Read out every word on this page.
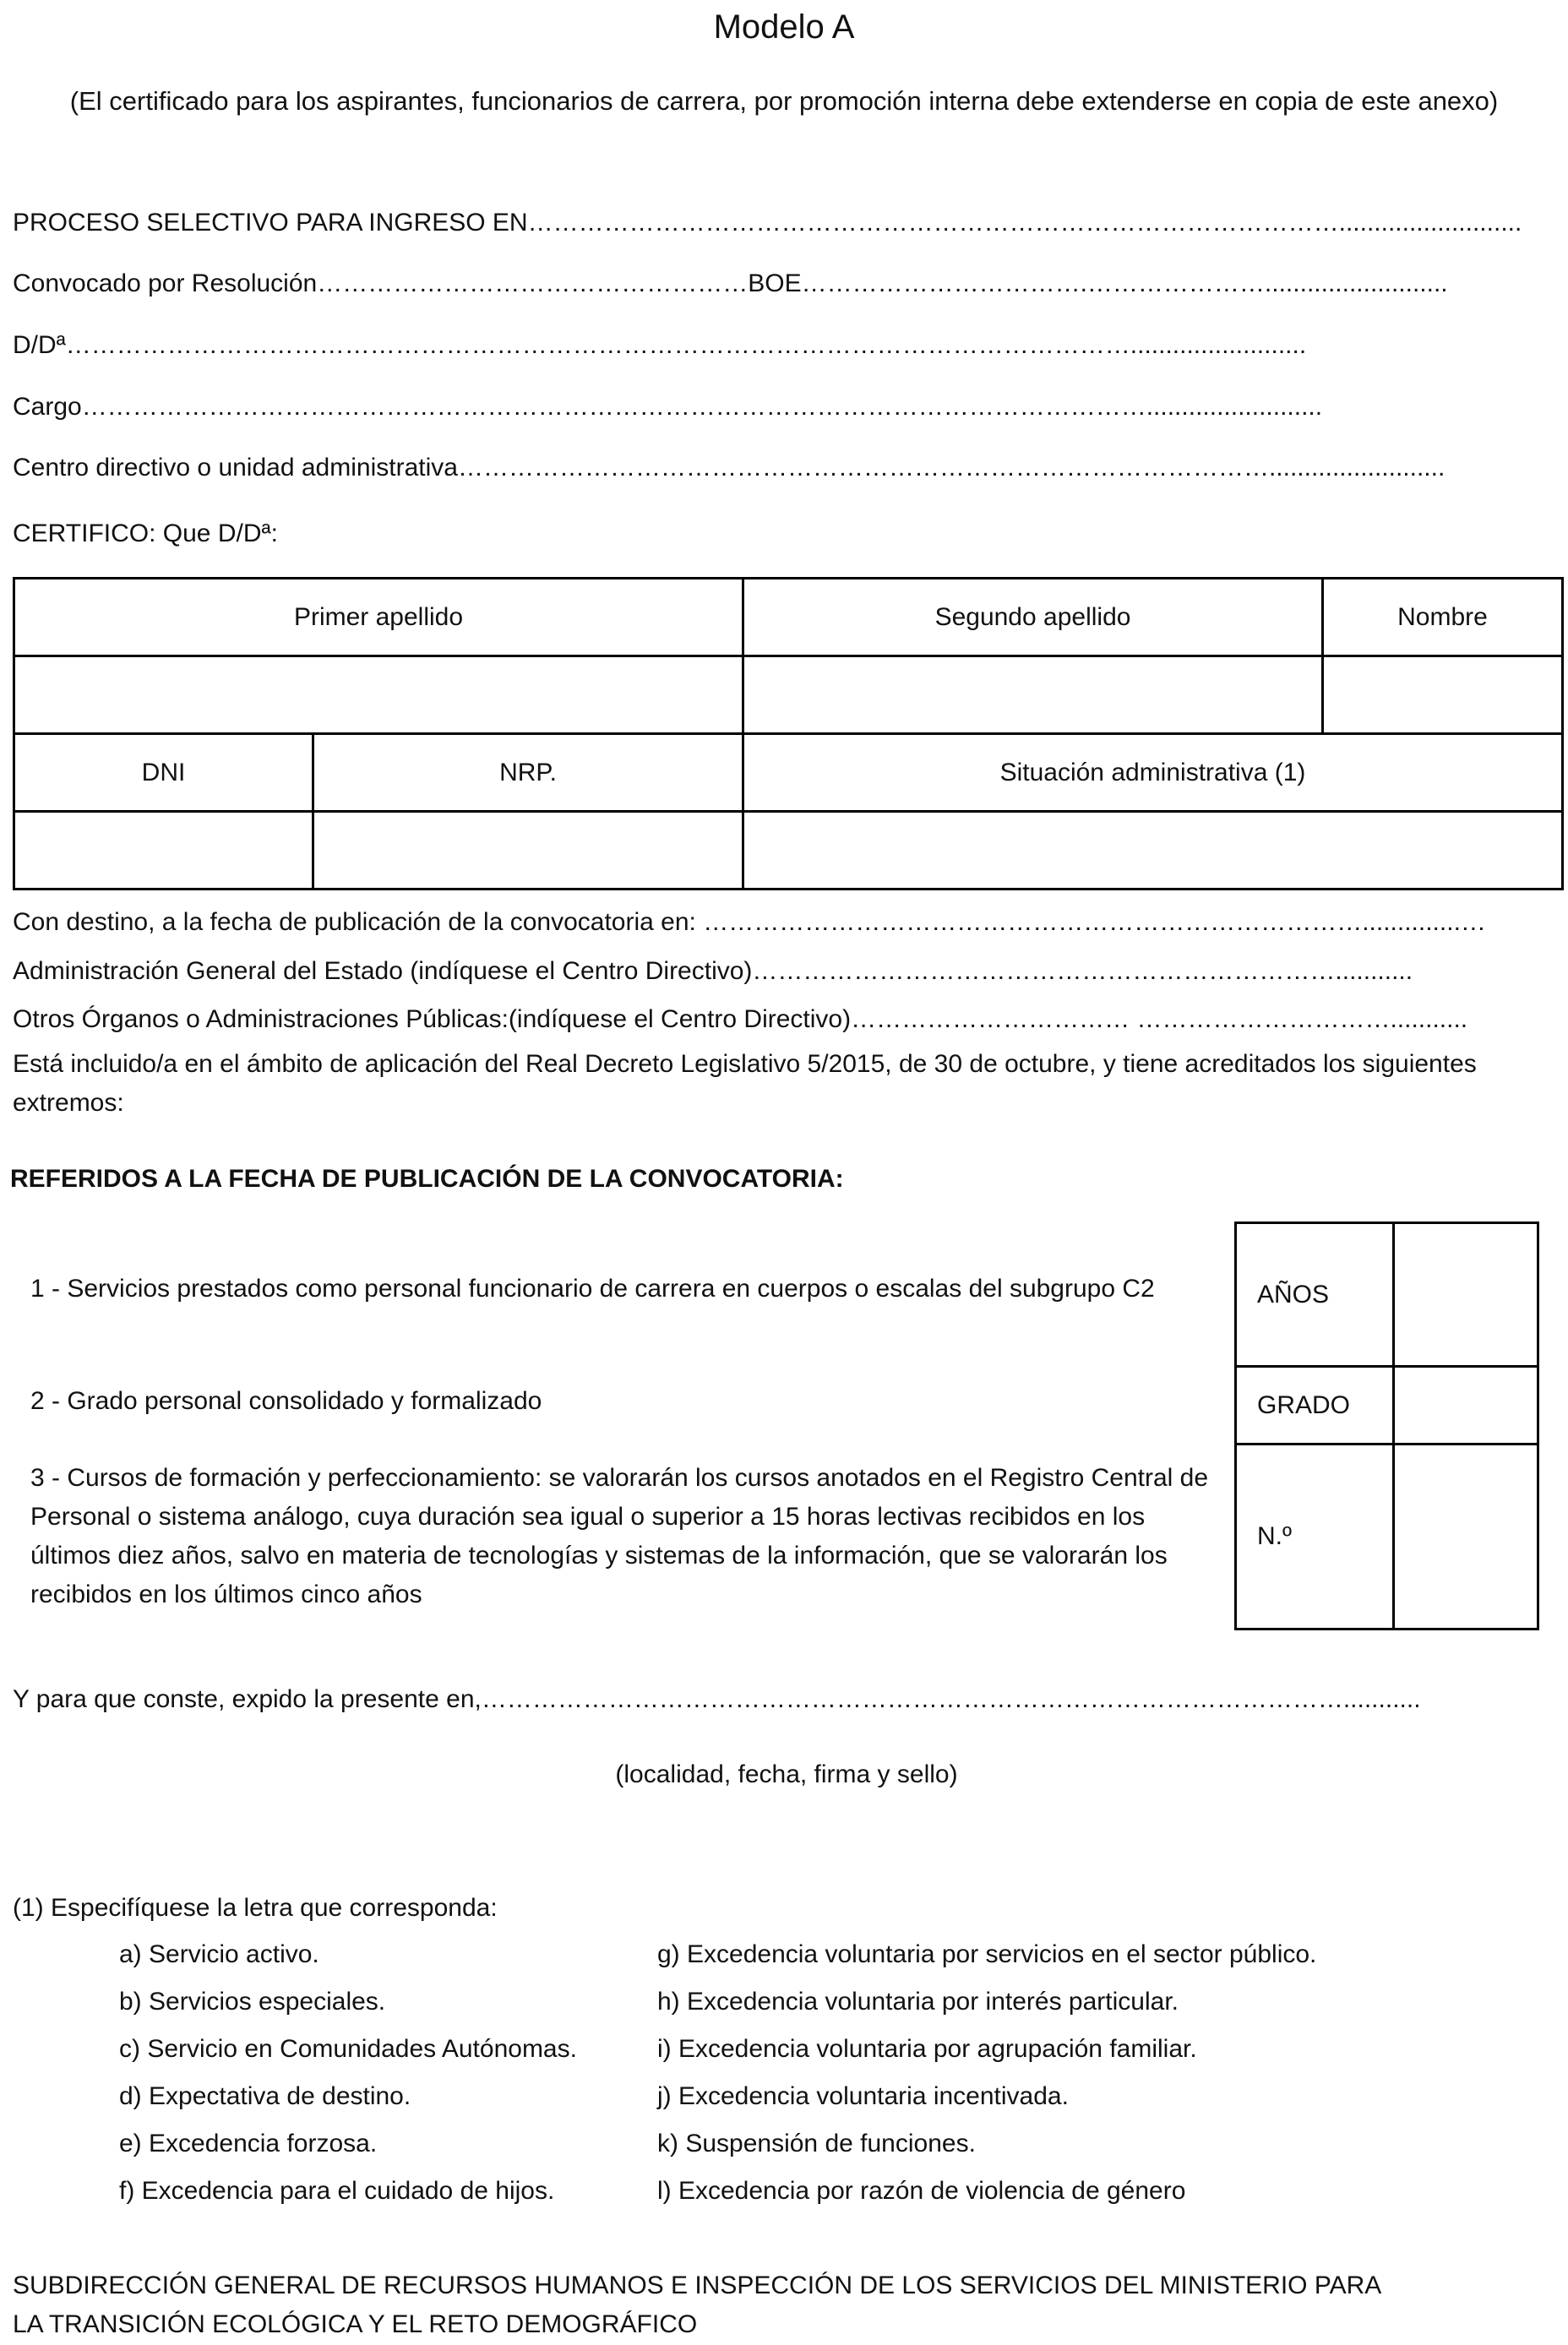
Modelo A
(El certificado para los aspirantes, funcionarios de carrera, por promoción interna debe extenderse en copia de este anexo)
PROCESO SELECTIVO PARA INGRESO EN……………………………………………………………………………………..........................
Convocado por Resolución……………………………………………BOE…………………………….…………………..........................
D/Dª……………………………………………………………………………………………………………….........................
Cargo……………………………………………………………………………………………………………….........................
Centro directivo o unidad administrativa…………………………………………………………………………………….........................
CERTIFICO: Que D/Dª:
Primer apellido		Segundo apellido	Nombre

DNI	NRP.	Situación administrativa (1)	

Con destino, a la fecha de publicación de la convocatoria en: ……………………………………………………………………..............…
Administración General del Estado (indíquese el Centro Directivo)……………………………………………………………...........
Otros Órganos o Administraciones Públicas:(indíquese el Centro Directivo)…………………………… …………………………...........
Está incluido/a en el ámbito de aplicación del Real Decreto Legislativo 5/2015, de 30 de octubre, y tiene acreditados los siguientes extremos:
REFERIDOS A LA FECHA DE PUBLICACIÓN DE LA CONVOCATORIA:
1 - Servicios prestados como personal funcionario de carrera en cuerpos o escalas del subgrupo C2
2 - Grado personal consolidado y formalizado
3 - Cursos de formación y perfeccionamiento: se valorarán los cursos anotados en el Registro Central de Personal o sistema análogo, cuya duración sea igual o superior a 15 horas lectivas recibidos en los últimos diez años, salvo en materia de tecnologías y sistemas de la información, que se valorarán los recibidos en los últimos cinco años
AÑOS	
GRADO	
N.º	
Y para que conste, expido la presente en,…………………………………………………………………………………………...........
(localidad, fecha, firma y sello)
(1) Especifíquese la letra que corresponda:
a) Servicio activo.
b) Servicios especiales.
c) Servicio en Comunidades Autónomas.
d) Expectativa de destino.
e) Excedencia forzosa.
f) Excedencia para el cuidado de hijos.
g) Excedencia voluntaria por servicios en el sector público.
h) Excedencia voluntaria por interés particular.
i) Excedencia voluntaria por agrupación familiar.
j) Excedencia voluntaria incentivada.
k) Suspensión de funciones.
l) Excedencia por razón de violencia de género
SUBDIRECCIÓN GENERAL DE RECURSOS HUMANOS E INSPECCIÓN DE LOS SERVICIOS DEL MINISTERIO PARA
LA TRANSICIÓN ECOLÓGICA Y EL RETO DEMOGRÁFICO
